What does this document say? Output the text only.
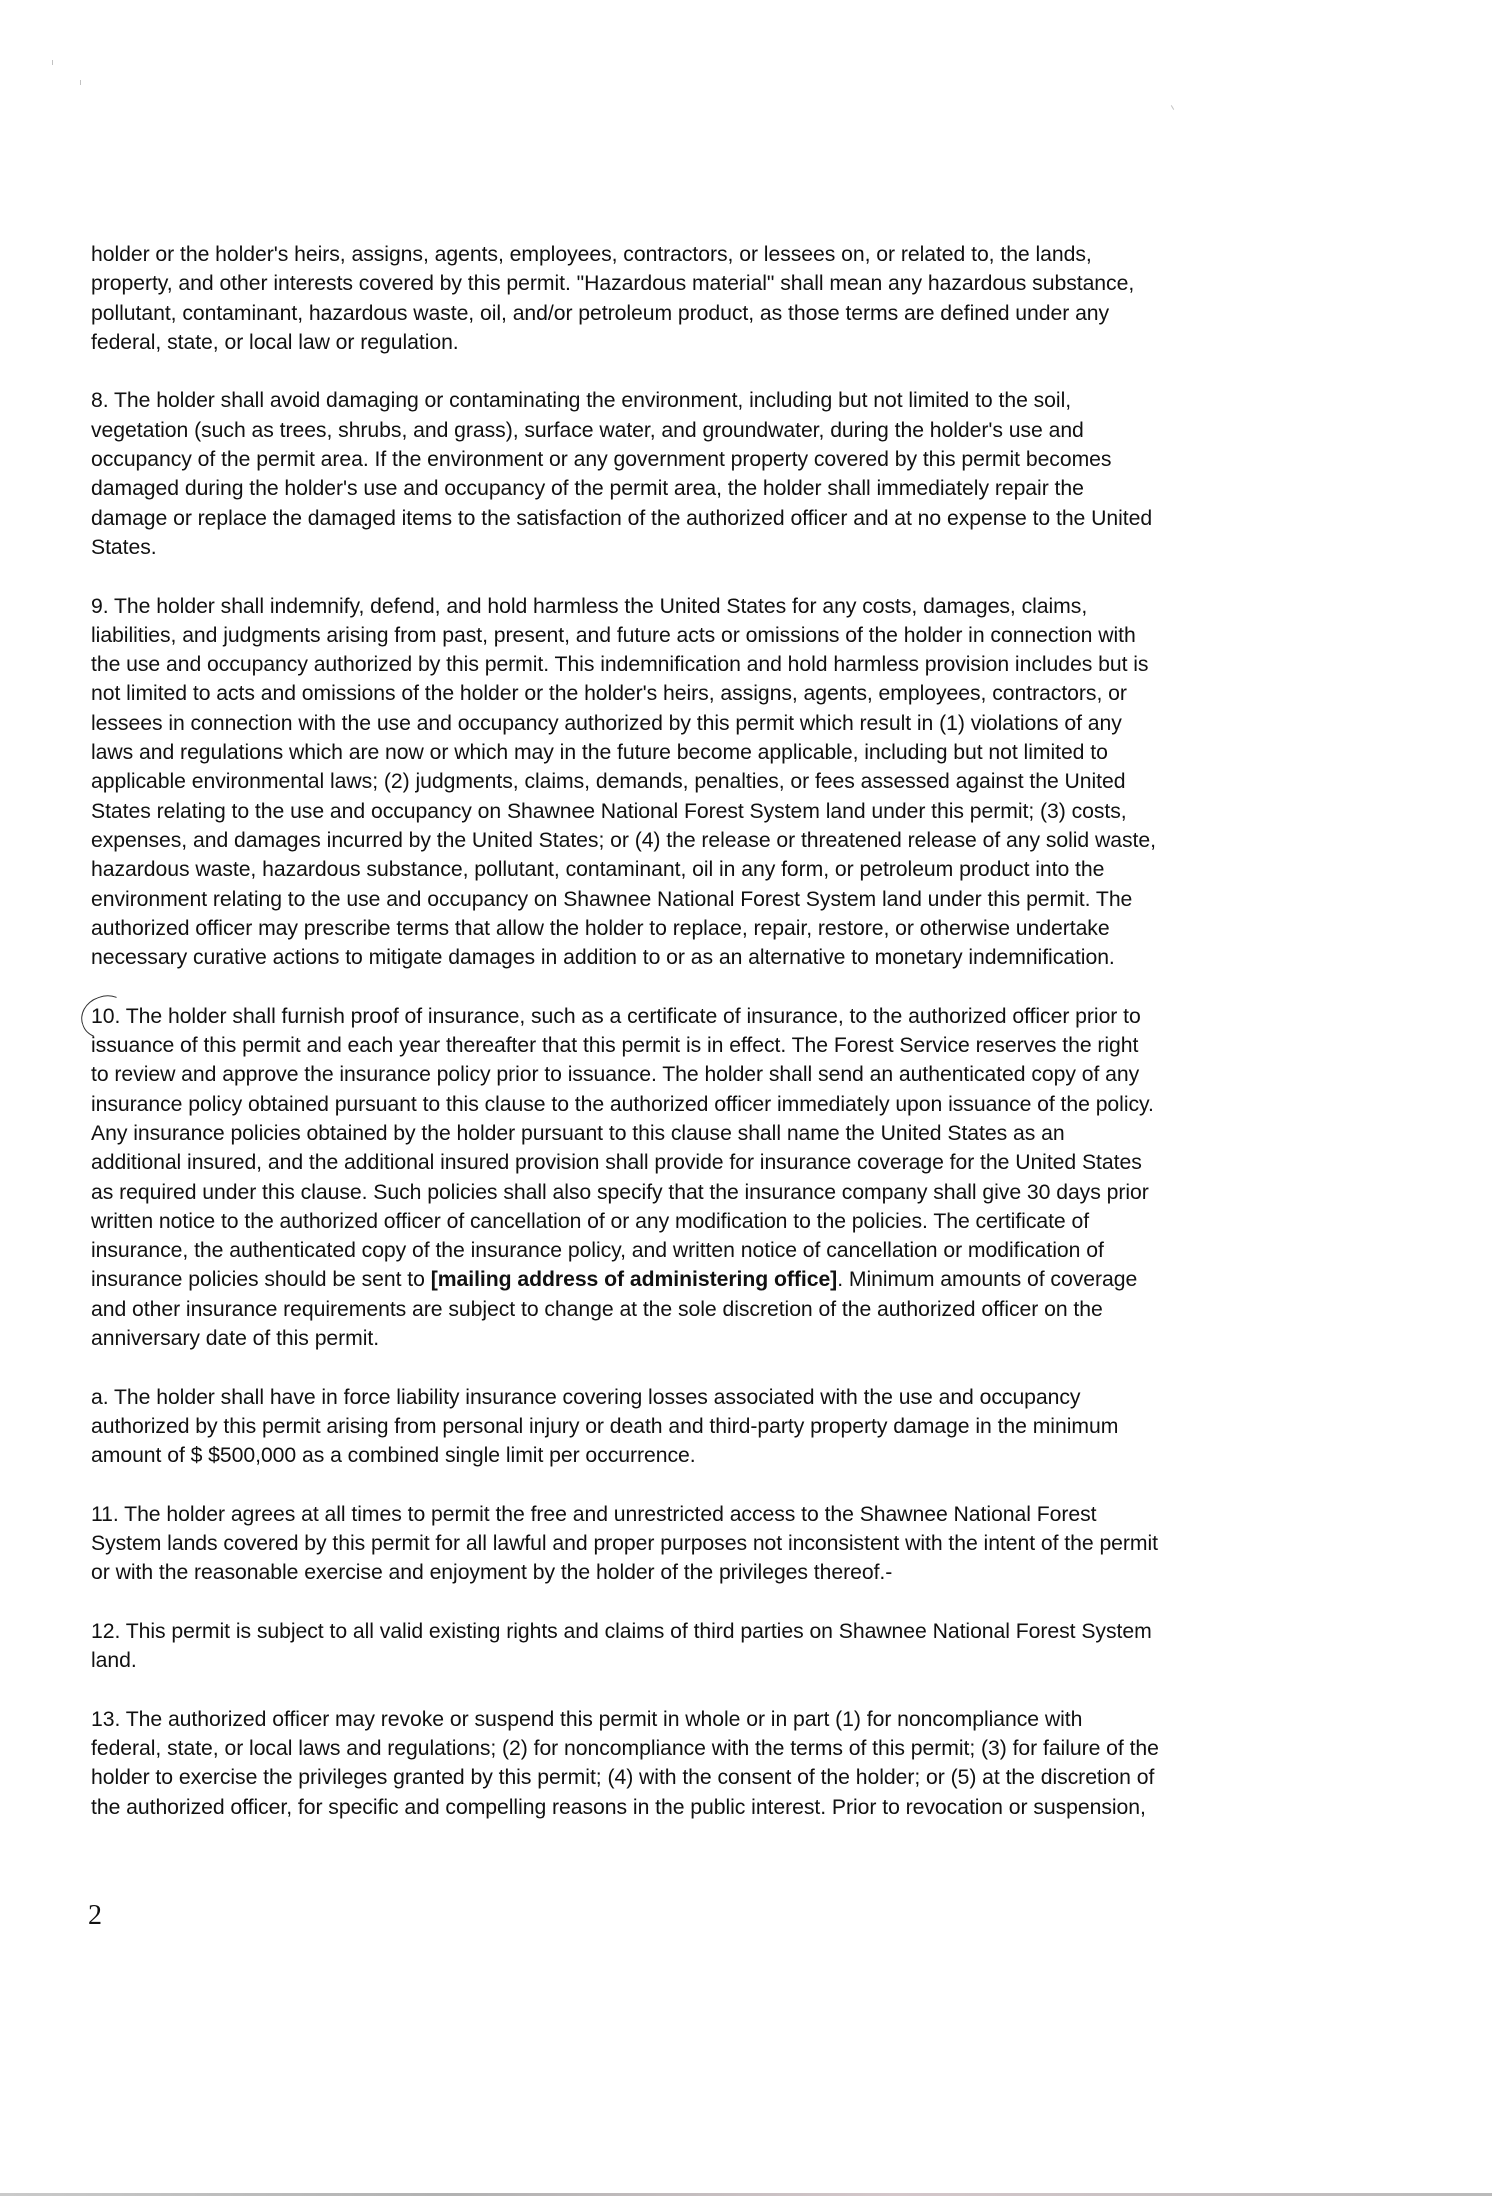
holder or the holder's heirs, assigns, agents, employees, contractors, or lessees on, or related to, the lands,
property, and other interests covered by this permit. "Hazardous material" shall mean any hazardous substance,
pollutant, contaminant, hazardous waste, oil, and/or petroleum product, as those terms are defined under any
federal, state, or local law or regulation.

8. The holder shall avoid damaging or contaminating the environment, including but not limited to the soil,
vegetation (such as trees, shrubs, and grass), surface water, and groundwater, during the holder's use and
occupancy of the permit area. If the environment or any government property covered by this permit becomes
damaged during the holder's use and occupancy of the permit area, the holder shall immediately repair the
damage or replace the damaged items to the satisfaction of the authorized officer and at no expense to the United
States.

9. The holder shall indemnify, defend, and hold harmless the United States for any costs, damages, claims,
liabilities, and judgments arising from past, present, and future acts or omissions of the holder in connection with
the use and occupancy authorized by this permit. This indemnification and hold harmless provision includes but is
not limited to acts and omissions of the holder or the holder's heirs, assigns, agents, employees, contractors, or
lessees in connection with the use and occupancy authorized by this permit which result in (1) violations of any
laws and regulations which are now or which may in the future become applicable, including but not limited to
applicable environmental laws; (2) judgments, claims, demands, penalties, or fees assessed against the United
States relating to the use and occupancy on Shawnee National Forest System land under this permit; (3) costs,
expenses, and damages incurred by the United States; or (4) the release or threatened release of any solid waste,
hazardous waste, hazardous substance, pollutant, contaminant, oil in any form, or petroleum product into the
environment relating to the use and occupancy on Shawnee National Forest System land under this permit. The
authorized officer may prescribe terms that allow the holder to replace, repair, restore, or otherwise undertake
necessary curative actions to mitigate damages in addition to or as an alternative to monetary indemnification.

10. The holder shall furnish proof of insurance, such as a certificate of insurance, to the authorized officer prior to
issuance of this permit and each year thereafter that this permit is in effect. The Forest Service reserves the right
to review and approve the insurance policy prior to issuance. The holder shall send an authenticated copy of any
insurance policy obtained pursuant to this clause to the authorized officer immediately upon issuance of the policy.
Any insurance policies obtained by the holder pursuant to this clause shall name the United States as an
additional insured, and the additional insured provision shall provide for insurance coverage for the United States
as required under this clause. Such policies shall also specify that the insurance company shall give 30 days prior
written notice to the authorized officer of cancellation of or any modification to the policies. The certificate of
insurance, the authenticated copy of the insurance policy, and written notice of cancellation or modification of
insurance policies should be sent to [mailing address of administering office]. Minimum amounts of coverage
and other insurance requirements are subject to change at the sole discretion of the authorized officer on the
anniversary date of this permit.

a. The holder shall have in force liability insurance covering losses associated with the use and occupancy
authorized by this permit arising from personal injury or death and third-party property damage in the minimum
amount of $ $500,000 as a combined single limit per occurrence.

11. The holder agrees at all times to permit the free and unrestricted access to the Shawnee National Forest
System lands covered by this permit for all lawful and proper purposes not inconsistent with the intent of the permit
or with the reasonable exercise and enjoyment by the holder of the privileges thereof.-

12. This permit is subject to all valid existing rights and claims of third parties on Shawnee National Forest System
land.

13. The authorized officer may revoke or suspend this permit in whole or in part (1) for noncompliance with
federal, state, or local laws and regulations; (2) for noncompliance with the terms of this permit; (3) for failure of the
holder to exercise the privileges granted by this permit; (4) with the consent of the holder; or (5) at the discretion of
the authorized officer, for specific and compelling reasons in the public interest. Prior to revocation or suspension,

2
